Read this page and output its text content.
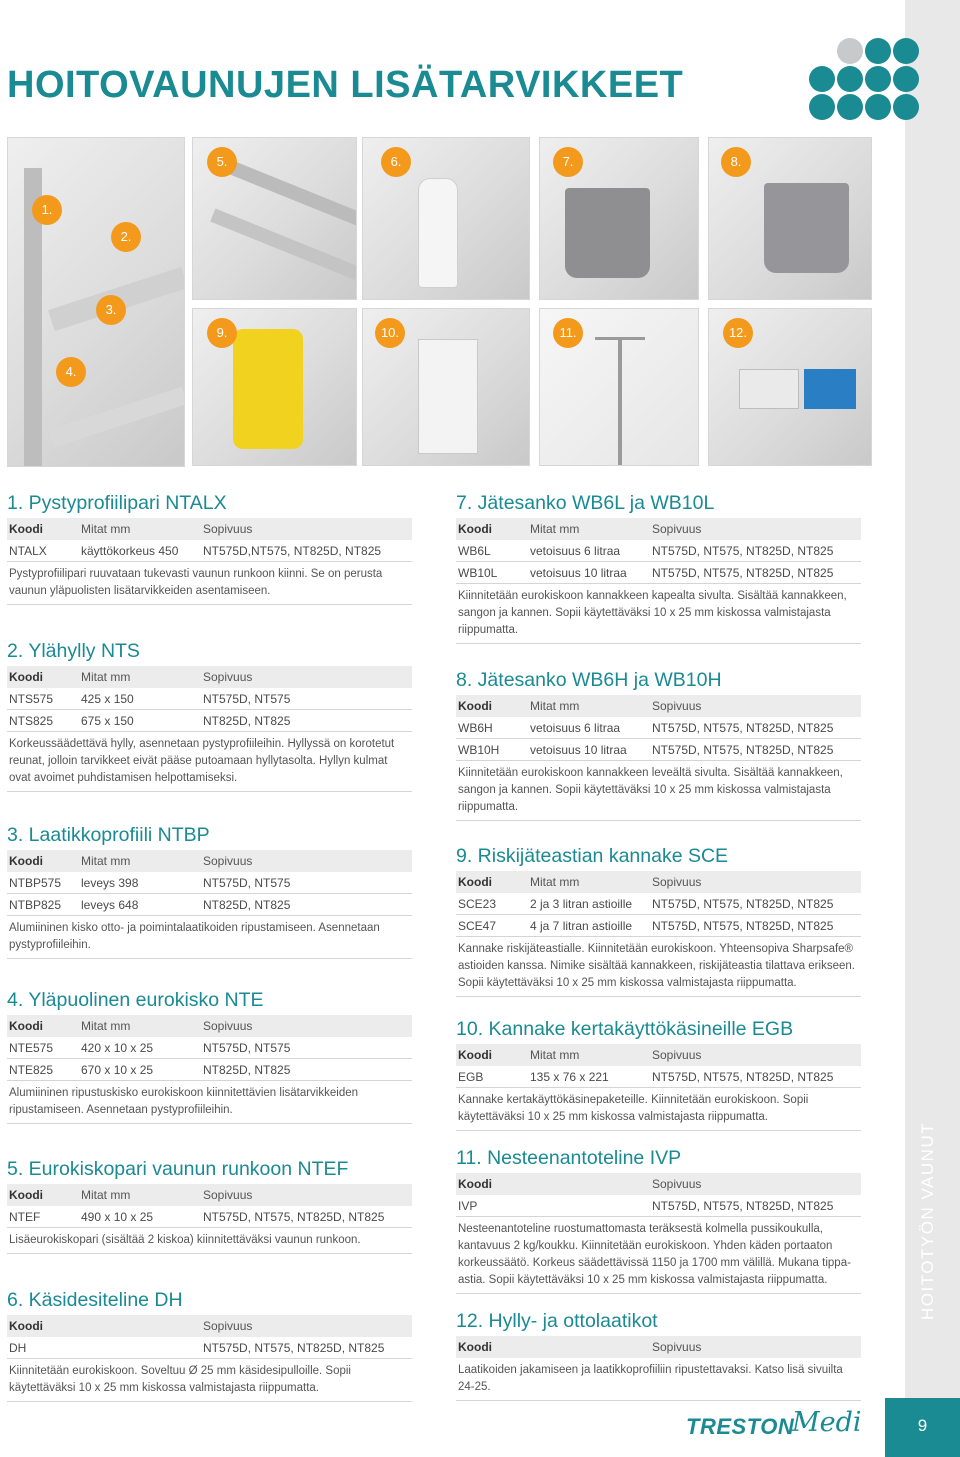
HOITOTYÖN VAUNUT
9
HOITOVAUNUJEN LISÄTARVIKKEET
1.
2.
3.
4.
5.	6.	7.	8.
9.	10.	11.	12.
1. Pystyprofiilipari NTALX
Koodi	Mitat mm	Sopivuus
NTALX	käyttökorkeus 450	NT575D,NT575, NT825D, NT825
Pystyprofiilipari ruuvataan tukevasti vaunun runkoon kiinni. Se on perusta vaunun yläpuolisten lisätarvikkeiden asentamiseen.
2. Ylähylly NTS
Koodi	Mitat mm	Sopivuus
NTS575	425 x 150	NT575D, NT575
NTS825	675 x 150	NT825D, NT825
Korkeussäädettävä hylly, asennetaan pystyprofiileihin. Hyllyssä on korotetut reunat, jolloin tarvikkeet eivät pääse putoamaan hyllytasolta. Hyllyn kulmat ovat avoimet puhdistamisen helpottamiseksi.
3. Laatikkoprofiili NTBP
Koodi	Mitat mm	Sopivuus
NTBP575	leveys 398	NT575D, NT575
NTBP825	leveys 648	NT825D, NT825
Alumiininen kisko otto- ja poimintalaatikoiden ripustamiseen. Asennetaan pystyprofiileihin.
4. Yläpuolinen eurokisko NTE
Koodi	Mitat mm	Sopivuus
NTE575	420 x 10 x 25	NT575D, NT575
NTE825	670 x 10 x 25	NT825D, NT825
Alumiininen ripustuskisko eurokiskoon kiinnitettävien lisätarvikkeiden ripustamiseen. Asennetaan pystyprofiileihin.
5. Eurokiskopari vaunun runkoon NTEF
Koodi	Mitat mm	Sopivuus
NTEF	490 x 10 x 25	NT575D, NT575, NT825D, NT825
Lisäeurokiskopari (sisältää 2 kiskoa) kiinnitettäväksi vaunun runkoon.
6. Käsidesiteline DH
Koodi	Sopivuus
DH	NT575D, NT575, NT825D, NT825
Kiinnitetään eurokiskoon. Soveltuu Ø 25 mm käsidesipulloille. Sopii käytettäväksi 10 x 25 mm kiskossa valmistajasta riippumatta.
7. Jätesanko WB6L ja WB10L
Koodi	Mitat mm	Sopivuus
WB6L	vetoisuus 6 litraa	NT575D, NT575, NT825D, NT825
WB10L	vetoisuus 10 litraa	NT575D, NT575, NT825D, NT825
Kiinnitetään eurokiskoon kannakkeen kapealta sivulta. Sisältää kannakkeen, sangon ja kannen. Sopii käytettäväksi 10 x 25 mm kiskossa valmistajasta riippumatta.
8. Jätesanko WB6H ja WB10H
Koodi	Mitat mm	Sopivuus
WB6H	vetoisuus 6 litraa	NT575D, NT575, NT825D, NT825
WB10H	vetoisuus 10 litraa	NT575D, NT575, NT825D, NT825
Kiinnitetään eurokiskoon kannakkeen leveältä sivulta. Sisältää kannakkeen, sangon ja kannen. Sopii käytettäväksi 10 x 25 mm kiskossa valmistajasta riippumatta.
9. Riskijäteastian kannake SCE
Koodi	Mitat mm	Sopivuus
SCE23	2 ja 3 litran astioille	NT575D, NT575, NT825D, NT825
SCE47	4 ja 7 litran astioille	NT575D, NT575, NT825D, NT825
Kannake riskijäteastialle. Kiinnitetään eurokiskoon. Yhteensopiva Sharpsafe® astioiden kanssa. Nimike sisältää kannakkeen, riskijäteastia tilattava erikseen. Sopii käytettäväksi 10 x 25 mm kiskossa valmistajasta riippumatta.
10. Kannake kertakäyttökäsineille EGB
Koodi	Mitat mm	Sopivuus
EGB	135 x 76 x 221	NT575D, NT575, NT825D, NT825
Kannake kertakäyttökäsinepaketeille. Kiinnitetään eurokiskoon. Sopii käytettäväksi 10 x 25 mm kiskossa valmistajasta riippumatta.
11. Nesteenantoteline IVP
Koodi	Sopivuus
IVP	NT575D, NT575, NT825D, NT825
Nesteenantoteline ruostumattomasta teräksestä kolmella pussikoukulla, kantavuus 2 kg/koukku. Kiinnitetään eurokiskoon. Yhden käden portaaton korkeussäätö. Korkeus säädettävissä 1150 ja 1700 mm välillä. Mukana tippa-astia. Sopii käytettäväksi 10 x 25 mm kiskossa valmistajasta riippumatta.
12. Hylly- ja ottolaatikot
Koodi	Sopivuus
Laatikoiden jakamiseen ja laatikkoprofiiliin ripustettavaksi. Katso lisä sivuilta 24-25.
TRESTON
Medi
